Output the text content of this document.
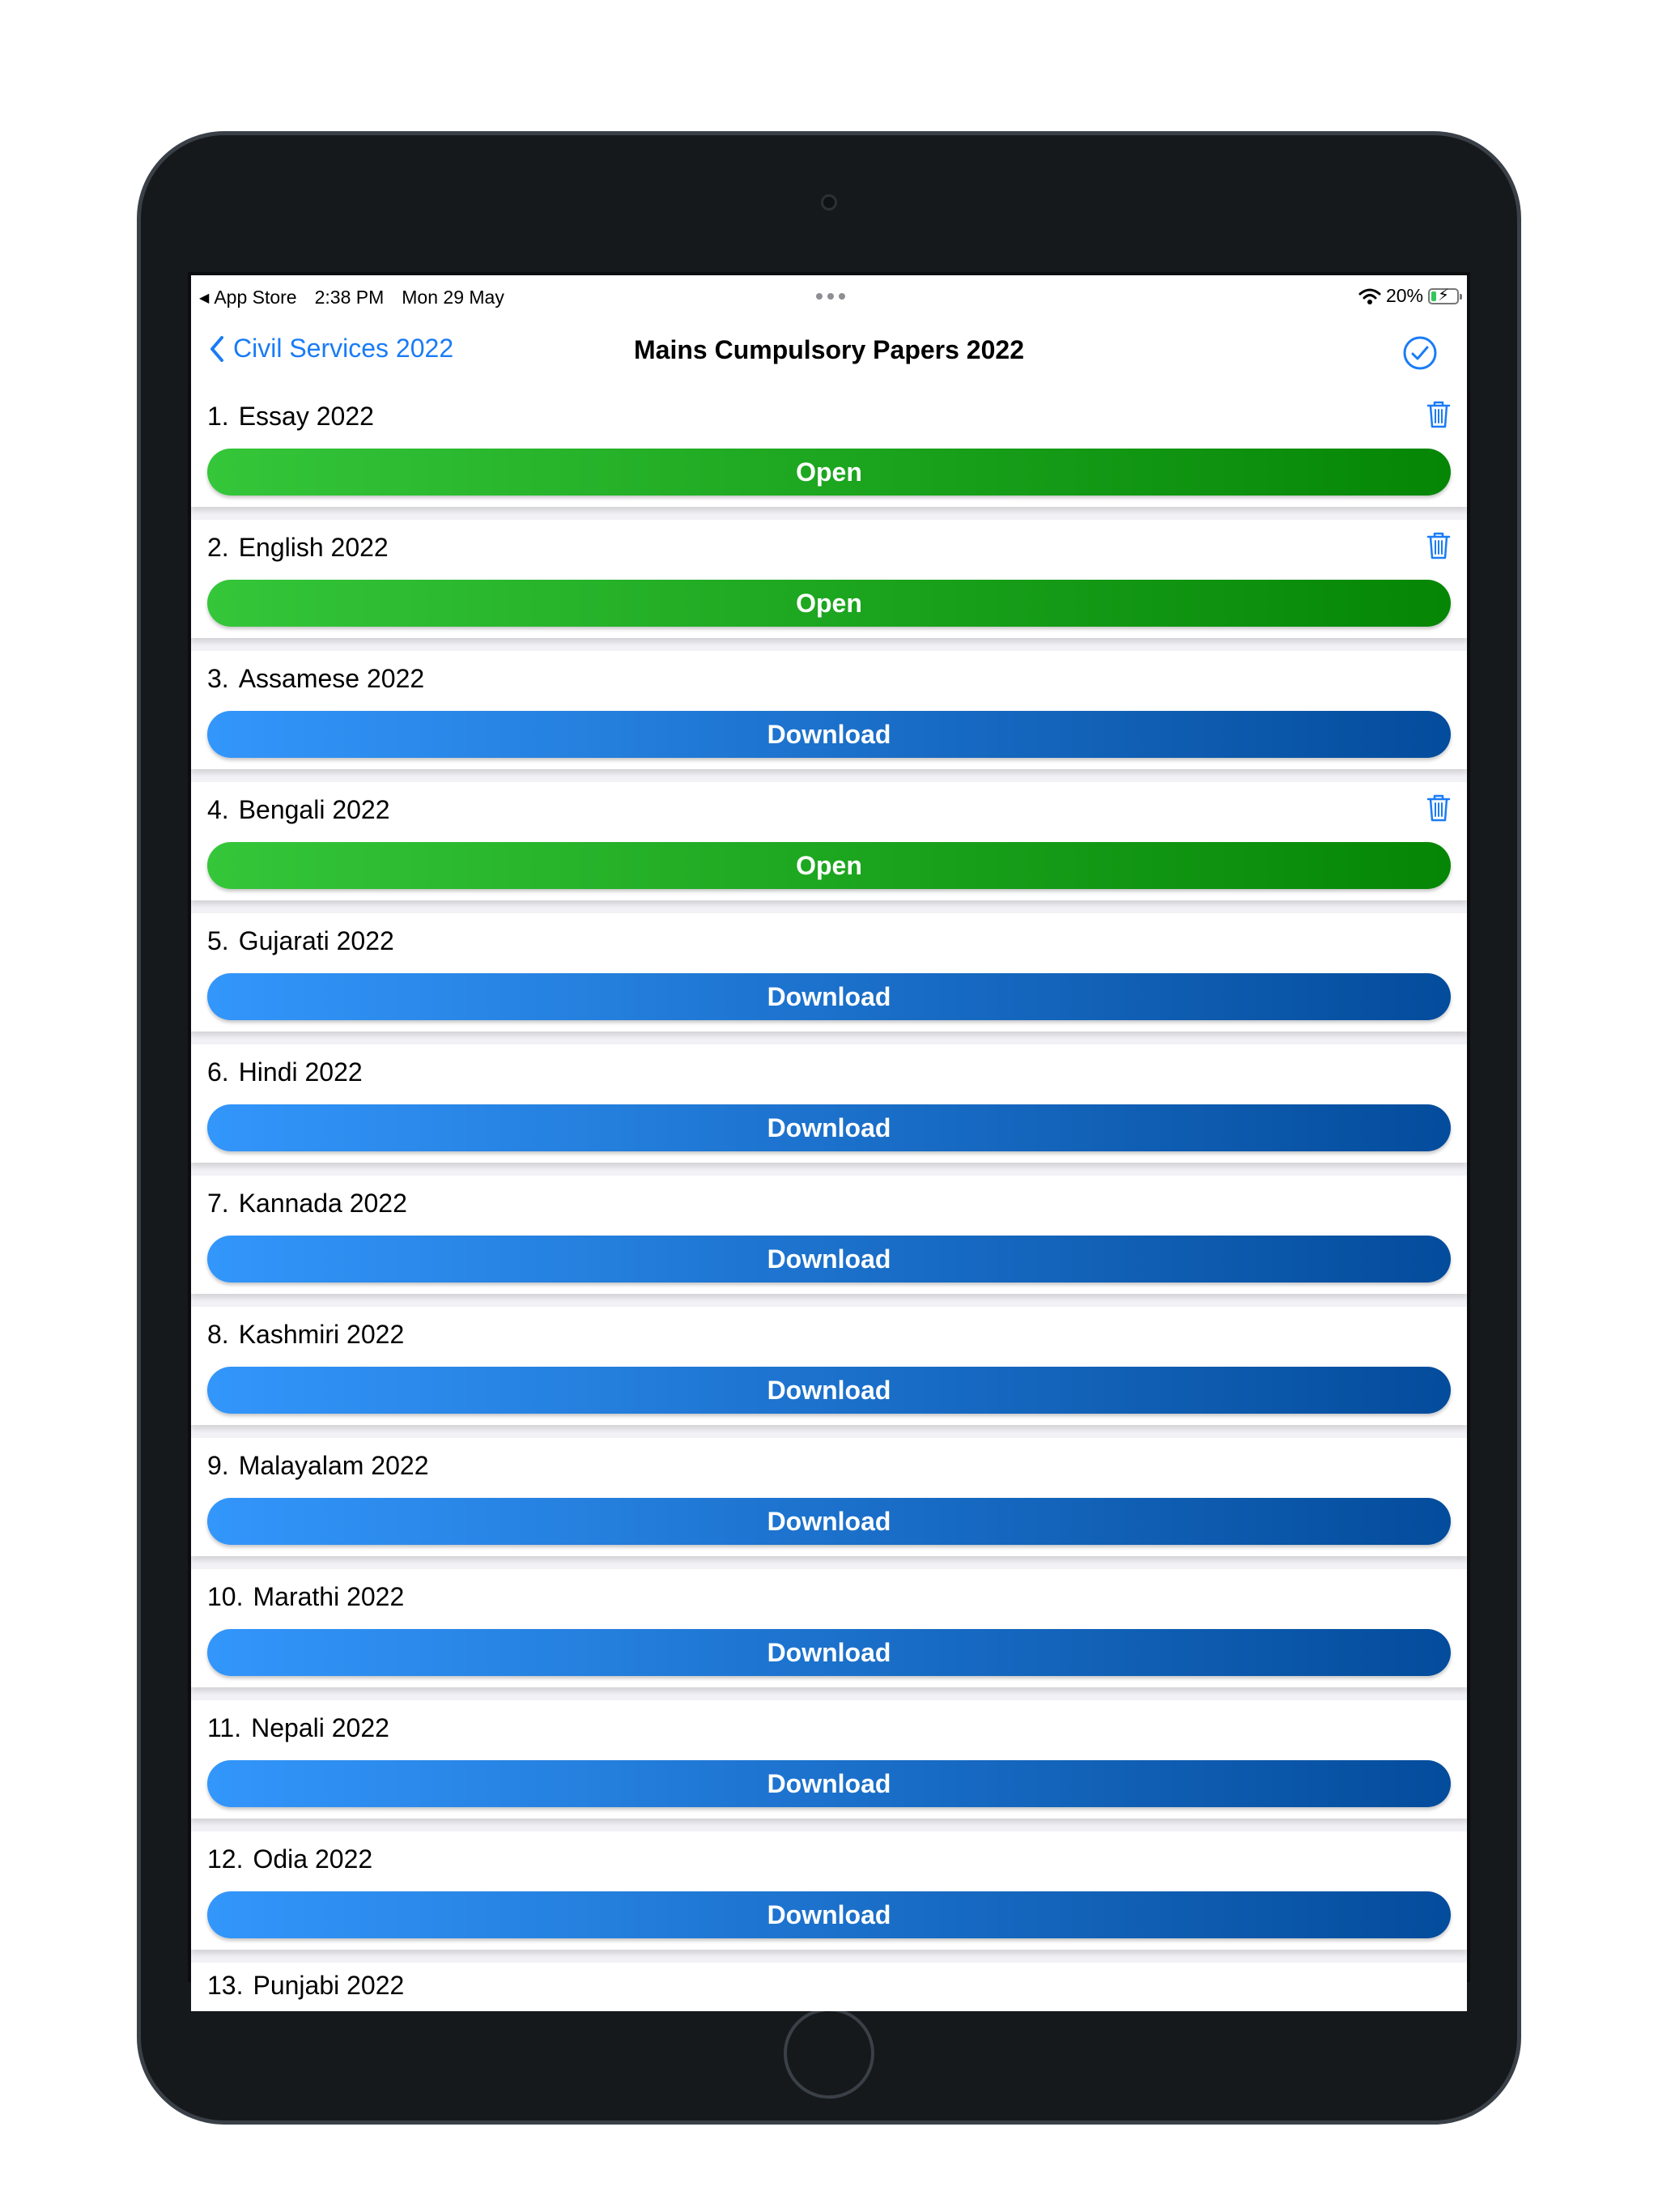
◀ App Store 2:38 PM Mon 29 May	20% ⚡
Civil Services 2022	Mains Cumpulsory Papers 2022
1. Essay 2022
Open
2. English 2022
Open
3. Assamese 2022
Download
4. Bengali 2022
Open
5. Gujarati 2022
Download
6. Hindi 2022
Download
7. Kannada 2022
Download
8. Kashmiri 2022
Download
9. Malayalam 2022
Download
10. Marathi 2022
Download
11. Nepali 2022
Download
12. Odia 2022
Download
13. Punjabi 2022
